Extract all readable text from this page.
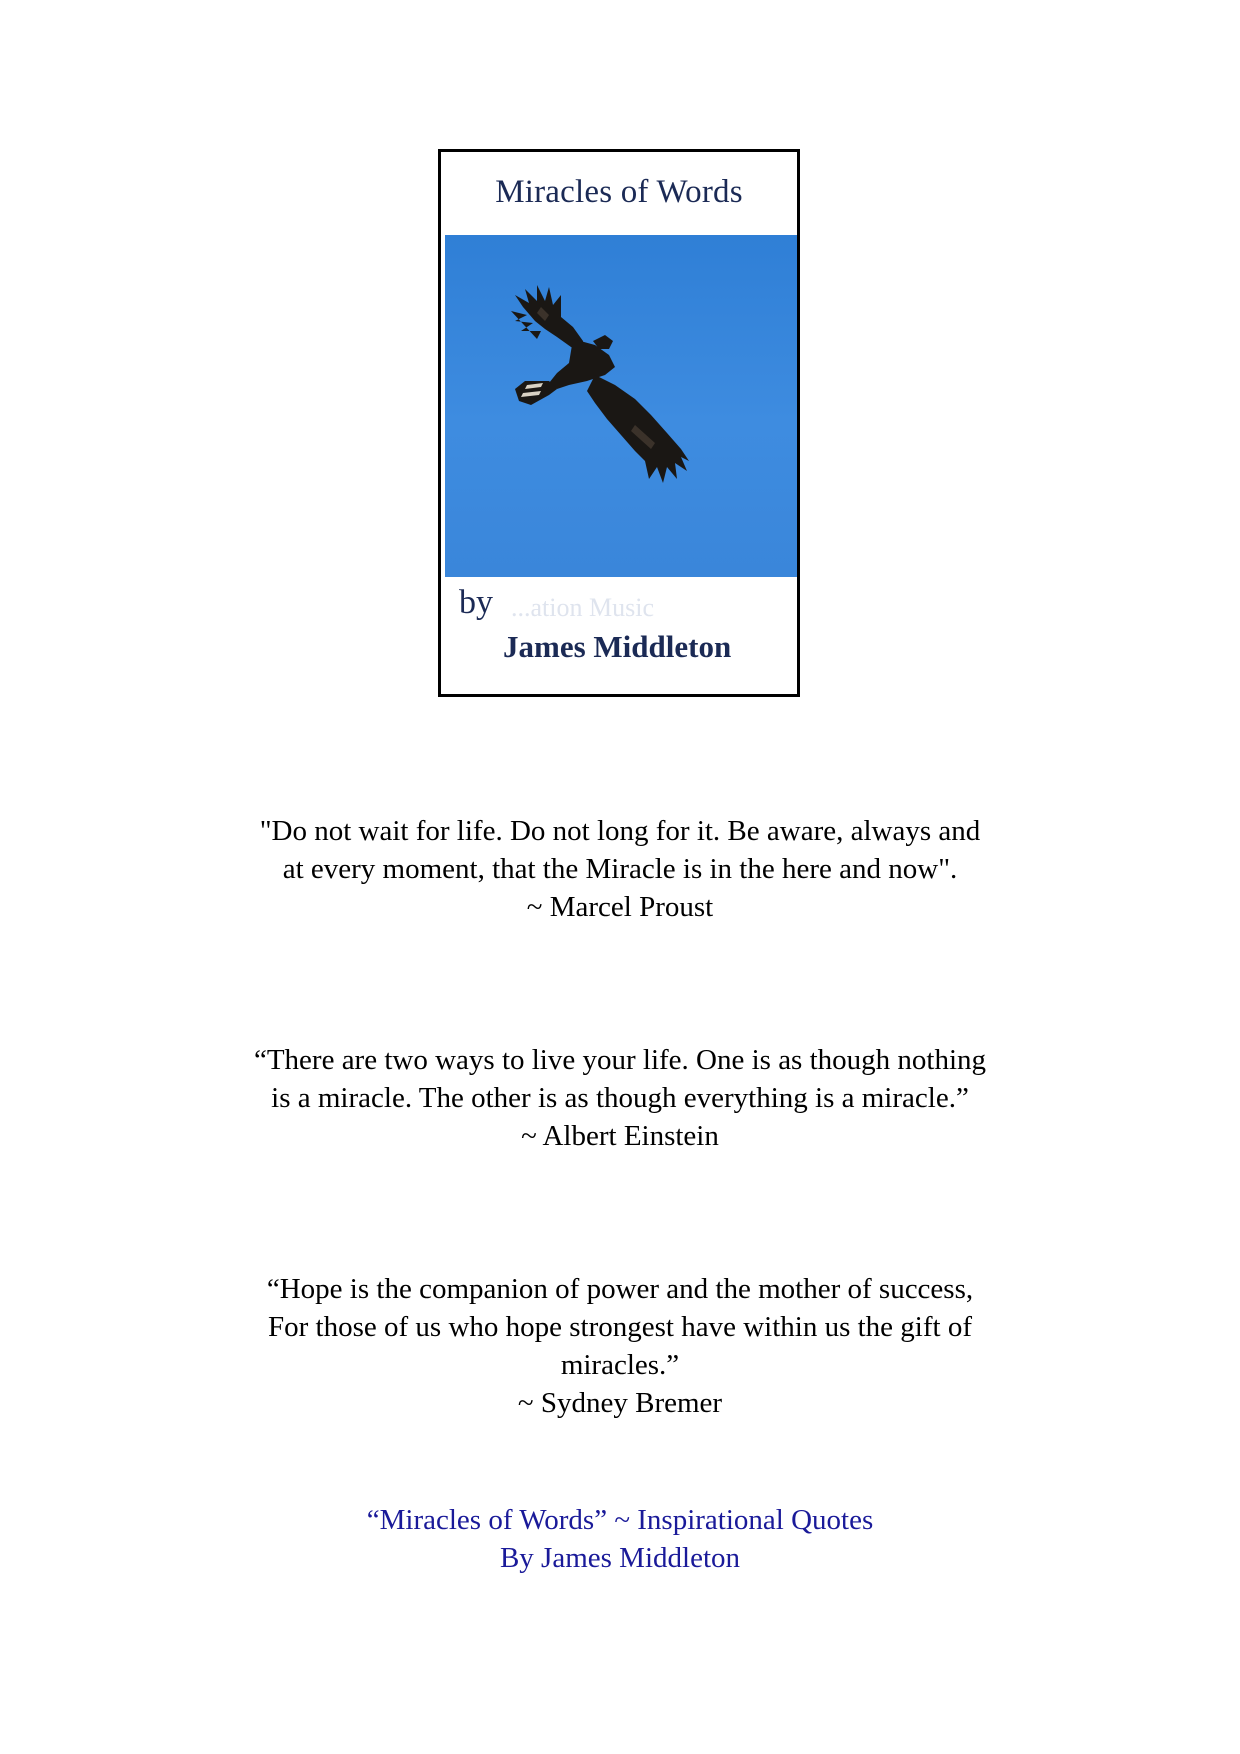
Miracles of Words
by ...ation Music
James Middleton
"Do not wait for life. Do not long for it. Be aware, always and
at every moment, that the Miracle is in the here and now".
~ Marcel Proust
“There are two ways to live your life. One is as though nothing
is a miracle. The other is as though everything is a miracle.”
~ Albert Einstein
“Hope is the companion of power and the mother of success,
For those of us who hope strongest have within us the gift of
miracles.”
~ Sydney Bremer
“Miracles of Words” ~ Inspirational Quotes
By James Middleton
